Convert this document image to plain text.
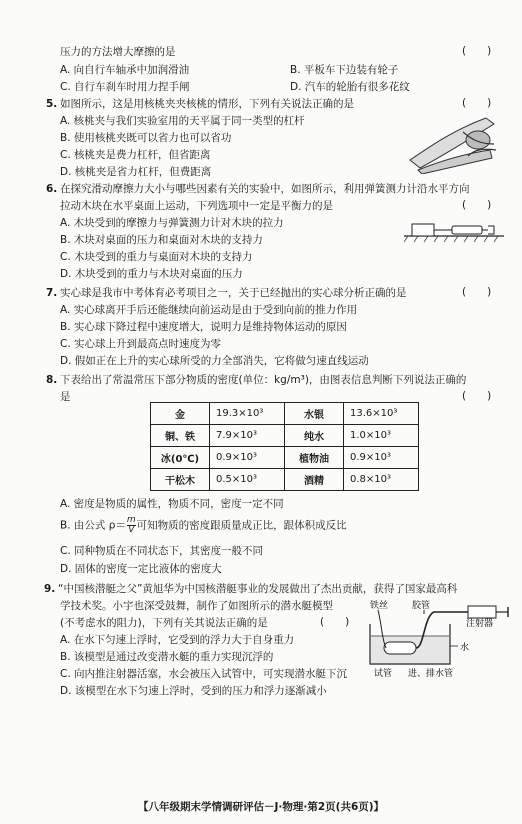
压力的方法增大摩擦的是	(　　)
A. 向自行车轴承中加润滑油	B. 平板车下边装有轮子
C. 自行车刹车时用力捏手闸	D. 汽车的轮胎有很多花纹
5. 如图所示，这是用核桃夹夹核桃的情形，下列有关说法正确的是	(　　)
A. 核桃夹与我们实验室用的天平属于同一类型的杠杆
B. 使用核桃夹既可以省力也可以省功
C. 核桃夹是费力杠杆，但省距离
D. 核桃夹是省力杠杆，但费距离
6. 在探究滑动摩擦力大小与哪些因素有关的实验中，如图所示，利用弹簧测力计沿水平方向
拉动木块在水平桌面上运动，下列选项中一定是平衡力的是	(　　)
A. 木块受到的摩擦力与弹簧测力计对木块的拉力
B. 木块对桌面的压力和桌面对木块的支持力
C. 木块受到的重力与桌面对木块的支持力
D. 木块受到的重力与木块对桌面的压力
7. 实心球是我市中考体育必考项目之一，关于已经抛出的实心球分析正确的是	(　　)
A. 实心球离开手后还能继续向前运动是由于受到向前的推力作用
B. 实心球下降过程中速度增大，说明力是维持物体运动的原因
C. 实心球上升到最高点时速度为零
D. 假如正在上升的实心球所受的力全部消失，它将做匀速直线运动
8. 下表给出了常温常压下部分物质的密度(单位：kg/m³)，由图表信息判断下列说法正确的
是	(　　)
金	19.3×10³	水银	13.6×10³
铜、铁	7.9×10³	纯水	1.0×10³
冰(0℃)	0.9×10³	植物油	0.9×10³
干松木	0.5×10³	酒精	0.8×10³
A. 密度是物质的属性，物质不同，密度一定不同
B. 由公式 $\rho= \frac{m}{V}$ 可知物质的密度跟质量成正比，跟体积成反比
C. 同种物质在不同状态下，其密度一般不同
D. 固体的密度一定比液体的密度大
9. “中国核潜艇之父”黄旭华为中国核潜艇事业的发展做出了杰出贡献，获得了国家最高科
学技术奖。小宇也深受鼓舞，制作了如图所示的潜水艇模型
(不考虑水的阻力)，下列有关其说法正确的是	(　　)
A. 在水下匀速上浮时，它受到的浮力大于自身重力
B. 该模型是通过改变潜水艇的重力实现沉浮的
C. 向内推注射器活塞，水会被压入试管中，可实现潜水艇下沉
D. 该模型在水下匀速上浮时，受到的压力和浮力逐渐减小
铁丝	胶管
注射器
水
试管 进、排水管
【八年级期末学情调研评估－J·物理·第2页(共6页)】
